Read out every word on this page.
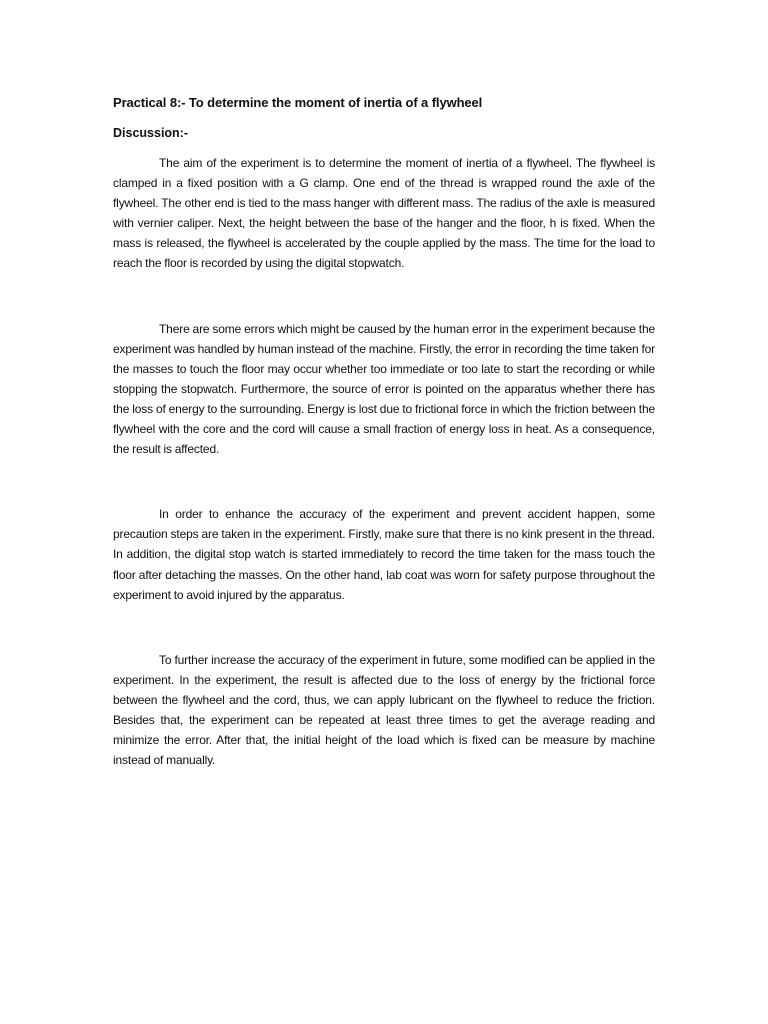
Practical 8:- To determine the moment of inertia of a flywheel
Discussion:-

The aim of the experiment is to determine the moment of inertia of a flywheel. The flywheel is clamped in a fixed position with a G clamp. One end of the thread is wrapped round the axle of the flywheel. The other end is tied to the mass hanger with different mass. The radius of the axle is measured with vernier caliper. Next, the height between the base of the hanger and the floor, h is fixed. When the mass is released, the flywheel is accelerated by the couple applied by the mass. The time for the load to reach the floor is recorded by using the digital stopwatch.

There are some errors which might be caused by the human error in the experiment because the experiment was handled by human instead of the machine. Firstly, the error in recording the time taken for the masses to touch the floor may occur whether too immediate or too late to start the recording or while stopping the stopwatch. Furthermore, the source of error is pointed on the apparatus whether there has the loss of energy to the surrounding. Energy is lost due to frictional force in which the friction between the flywheel with the core and the cord will cause a small fraction of energy loss in heat. As a consequence, the result is affected.

In order to enhance the accuracy of the experiment and prevent accident happen, some precaution steps are taken in the experiment. Firstly, make sure that there is no kink present in the thread. In addition, the digital stop watch is started immediately to record the time taken for the mass touch the floor after detaching the masses. On the other hand, lab coat was worn for safety purpose throughout the experiment to avoid injured by the apparatus.

To further increase the accuracy of the experiment in future, some modified can be applied in the experiment. In the experiment, the result is affected due to the loss of energy by the frictional force between the flywheel and the cord, thus, we can apply lubricant on the flywheel to reduce the friction. Besides that, the experiment can be repeated at least three times to get the average reading and minimize the error. After that, the initial height of the load which is fixed can be measure by machine instead of manually.
